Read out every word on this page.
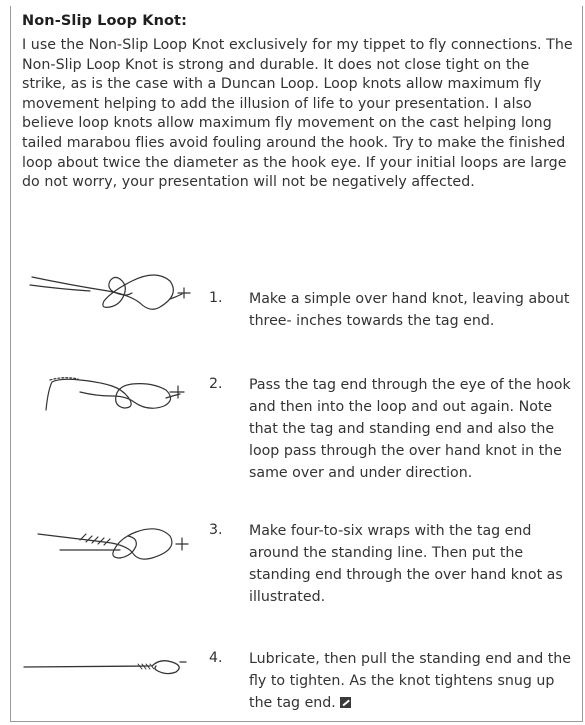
Non-Slip Loop Knot:
I use the Non-Slip Loop Knot exclusively for my tippet to fly connections. The Non-Slip Loop Knot is strong and durable. It does not close tight on the strike, as is the case with a Duncan Loop. Loop knots allow maximum fly movement helping to add the illusion of life to your presentation. I also believe loop knots allow maximum fly movement on the cast helping long tailed marabou flies avoid fouling around the hook. Try to make the finished loop about twice the diameter as the hook eye. If your initial loops are large do not worry, your presentation will not be negatively affected.
1. Make a simple over hand knot, leaving about three- inches towards the tag end.
2. Pass the tag end through the eye of the hook and then into the loop and out again. Note that the tag and standing end and also the loop pass through the over hand knot in the same over and under direction.
3. Make four-to-six wraps with the tag end around the standing line. Then put the standing end through the over hand knot as illustrated.
4. Lubricate, then pull the standing end and the fly to tighten. As the knot tightens snug up the tag end.
